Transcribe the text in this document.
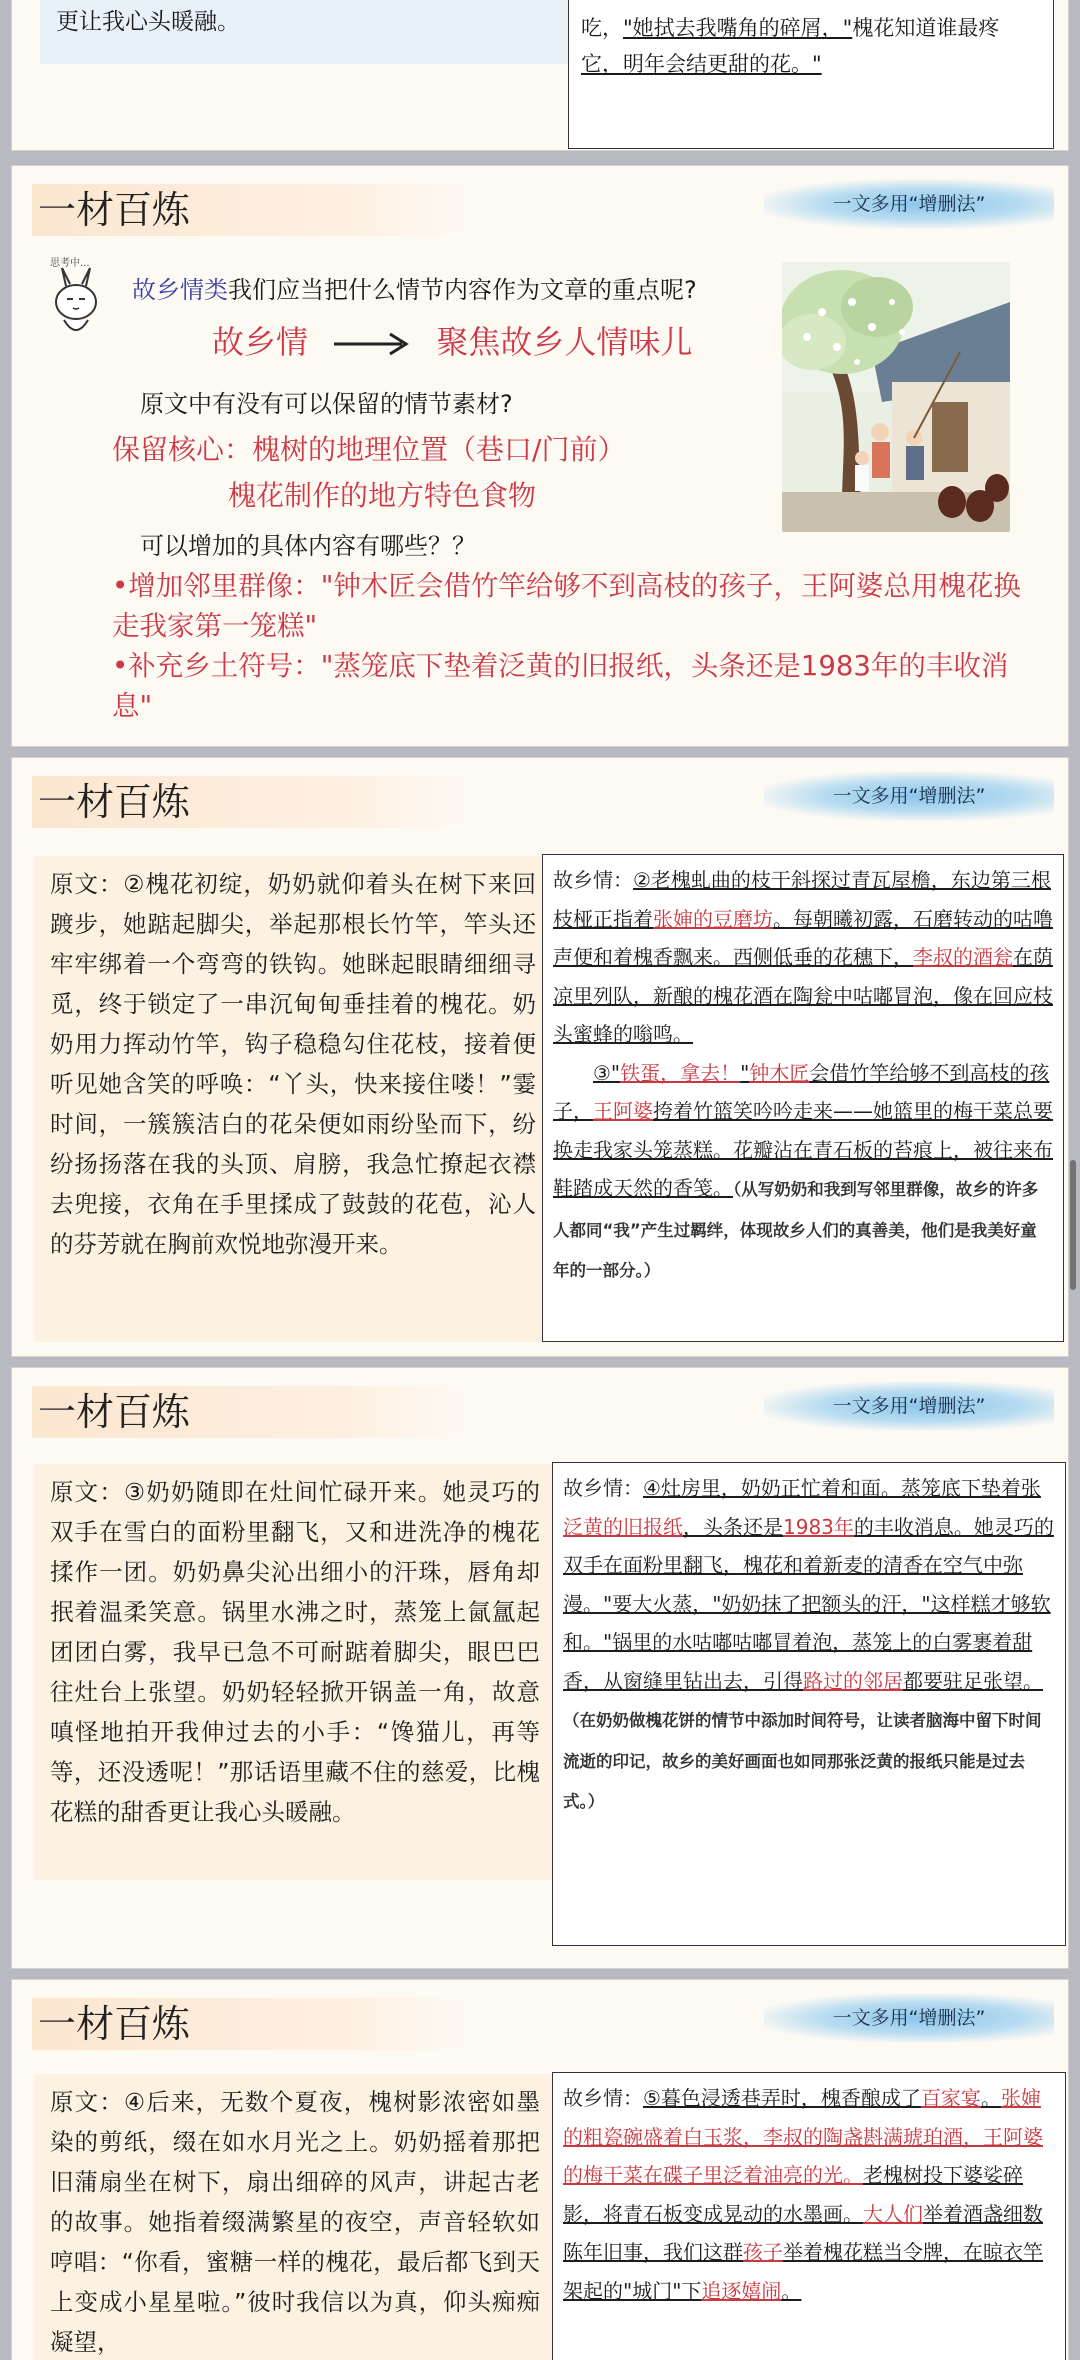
更让我心头暖融。	吃，"她拭去我嘴角的碎屑，"槐花知道谁最疼
它，明年会结更甜的花。"
一材百炼	一文多用“增删法”
思考中...
故乡情类我们应当把什么情节内容作为文章的重点呢?
故乡情	聚焦故乡人情味儿
原文中有没有可以保留的情节素材?
保留核心：槐树的地理位置（巷口/门前）
槐花制作的地方特色食物
可以增加的具体内容有哪些？？
•增加邻里群像："钟木匠会借竹竿给够不到高枝的孩子，王阿婆总用槐花换走我家第一笼糕"
•补充乡土符号："蒸笼底下垫着泛黄的旧报纸，头条还是1983年的丰收消息"
一材百炼	一文多用“增删法”
原文：②槐花初绽，奶奶就仰着头在树下来回踱步，她踮起脚尖，举起那根长竹竿，竿头还牢牢绑着一个弯弯的铁钩。她眯起眼睛细细寻觅，终于锁定了一串沉甸甸垂挂着的槐花。奶奶用力挥动竹竿，钩子稳稳勾住花枝，接着便听见她含笑的呼唤：“丫头，快来接住喽！”霎时间，一簇簇洁白的花朵便如雨纷坠而下，纷纷扬扬落在我的头顶、肩膀，我急忙撩起衣襟去兜接，衣角在手里揉成了鼓鼓的花苞，沁人的芬芳就在胸前欢悦地弥漫开来。
故乡情：②老槐虬曲的枝干斜探过青瓦屋檐，东边第三根枝桠正指着张婶的豆磨坊。每朝曦初露，石磨转动的咕噜声便和着槐香飘来。西侧低垂的花穗下，李叔的酒瓮在荫凉里列队，新酿的槐花酒在陶瓮中咕嘟冒泡，像在回应枝头蜜蜂的嗡鸣。
③"铁蛋，拿去！"钟木匠会借竹竿给够不到高枝的孩子，王阿婆挎着竹篮笑吟吟走来——她篮里的梅干菜总要换走我家头笼蒸糕。花瓣沾在青石板的苔痕上，被往来布鞋踏成天然的香笺。（从写奶奶和我到写邻里群像，故乡的许多人都同“我”产生过羁绊，体现故乡人们的真善美，他们是我美好童年的一部分。）
一材百炼	一文多用“增删法”
原文：③奶奶随即在灶间忙碌开来。她灵巧的双手在雪白的面粉里翻飞，又和进洗净的槐花揉作一团。奶奶鼻尖沁出细小的汗珠，唇角却抿着温柔笑意。锅里水沸之时，蒸笼上氤氲起团团白雾，我早已急不可耐踮着脚尖，眼巴巴往灶台上张望。奶奶轻轻掀开锅盖一角，故意嗔怪地拍开我伸过去的小手：“馋猫儿，再等等，还没透呢！”那话语里藏不住的慈爱，比槐花糕的甜香更让我心头暖融。
故乡情：④灶房里，奶奶正忙着和面。蒸笼底下垫着张泛黄的旧报纸，头条还是1983年的丰收消息。她灵巧的双手在面粉里翻飞，槐花和着新麦的清香在空气中弥漫。"要大火蒸，"奶奶抹了把额头的汗，"这样糕才够软和。"锅里的水咕嘟咕嘟冒着泡，蒸笼上的白雾裹着甜香，从窗缝里钻出去，引得路过的邻居都要驻足张望。（在奶奶做槐花饼的情节中添加时间符号，让读者脑海中留下时间流逝的印记，故乡的美好画面也如同那张泛黄的报纸只能是过去式。）
一材百炼	一文多用“增删法”
原文：④后来，无数个夏夜，槐树影浓密如墨染的剪纸，缀在如水月光之上。奶奶摇着那把旧蒲扇坐在树下，扇出细碎的风声，讲起古老的故事。她指着缀满繁星的夜空，声音轻软如哼唱：“你看，蜜糖一样的槐花，最后都飞到天上变成小星星啦。”彼时我信以为真，仰头痴痴凝望，
故乡情：⑤暮色浸透巷弄时，槐香酿成了百家宴。张婶的粗瓷碗盛着白玉浆，李叔的陶盏斟满琥珀酒，王阿婆的梅干菜在碟子里泛着油亮的光。老槐树投下婆娑碎影，将青石板变成晃动的水墨画。大人们举着酒盏细数陈年旧事，我们这群孩子举着槐花糕当令牌，在晾衣竿架起的"城门"下追逐嬉闹。
